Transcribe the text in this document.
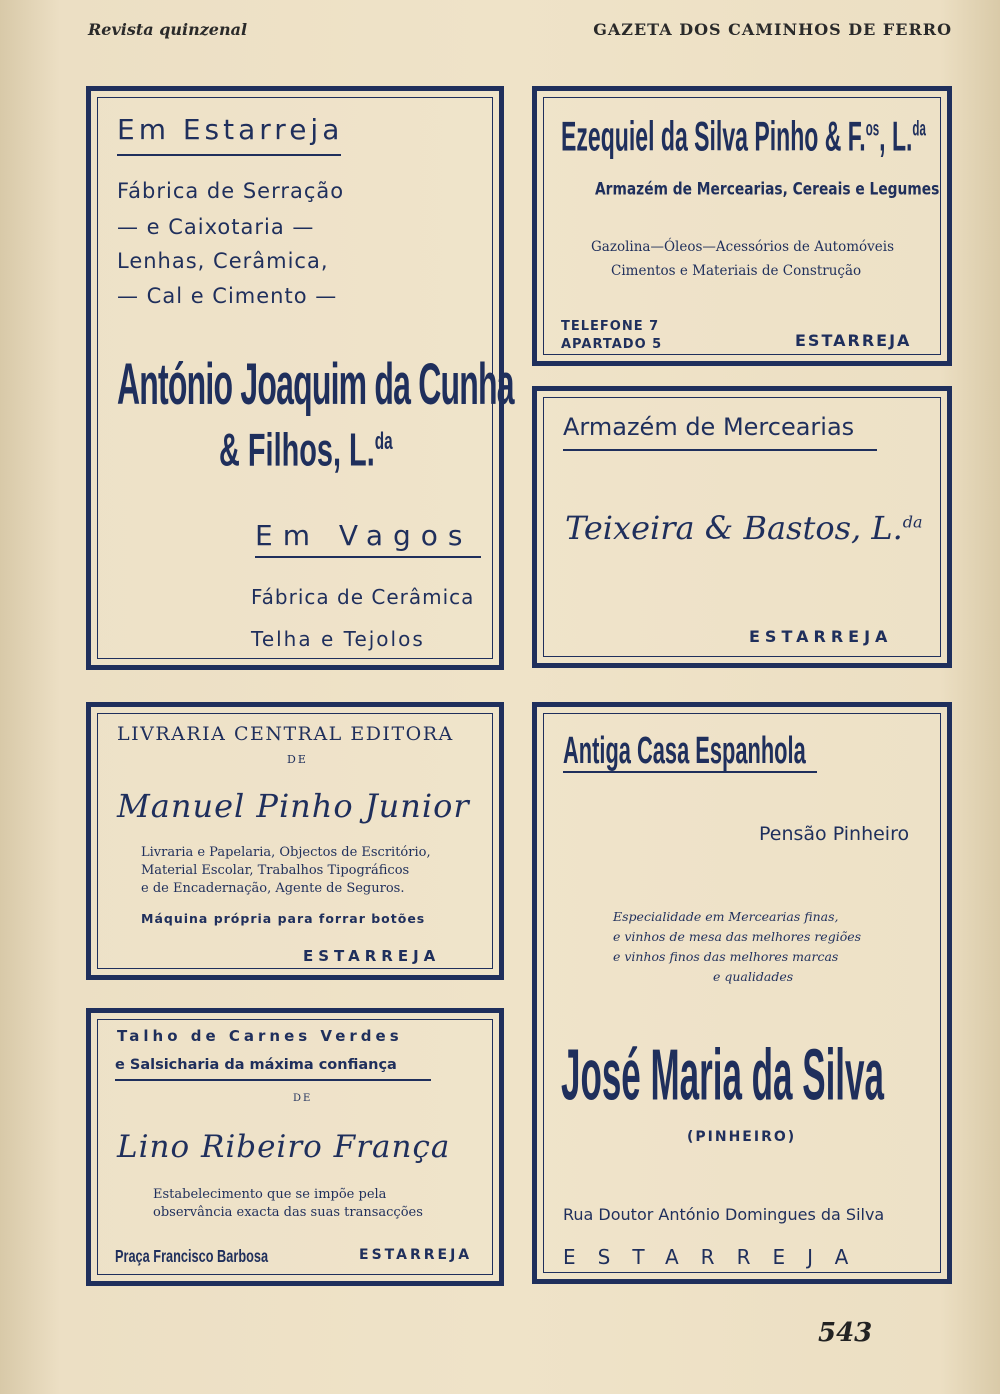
Revista quinzenal	GAZETA DOS CAMINHOS DE FERRO
Em Estarreja
Fábrica de Serração
— e Caixotaria —
Lenhas, Cerâmica,
— Cal e Cimento —
António Joaquim da Cunha
& Filhos, L.$^{da}$
Em Vagos
Fábrica de Cerâmica
Telha e Tejolos
Ezequiel da Silva Pinho & F.$^{os}$, L.$^{da}$
Armazém de Mercearias, Cereais e Legumes
Gazolina—Óleos—Acessórios de Automóveis
Cimentos e Materiais de Construção
TELEFONE 7
APARTADO 5	ESTARREJA
Armazém de Mercearias
Teixeira & Bastos, L.$^{da}$
ESTARREJA
LIVRARIA CENTRAL EDITORA
DE
Manuel Pinho Junior
Livraria e Papelaria, Objectos de Escritório,
Material Escolar, Trabalhos Tipográficos
e de Encadernação, Agente de Seguros.
Máquina própria para forrar botões
ESTARREJA
Antiga Casa Espanhola
Pensão Pinheiro
Especialidade em Mercearias finas,
e vinhos de mesa das melhores regiões
e vinhos finos das melhores marcas
e qualidades
José Maria da Silva
(PINHEIRO)
Rua Doutor António Domingues da Silva
ESTARREJA
Talho de Carnes Verdes
e Salsicharia da máxima confiança
DE
Lino Ribeiro França
Estabelecimento que se impõe pela
observância exacta das suas transacções
Praça Francisco Barbosa	ESTARREJA
543
